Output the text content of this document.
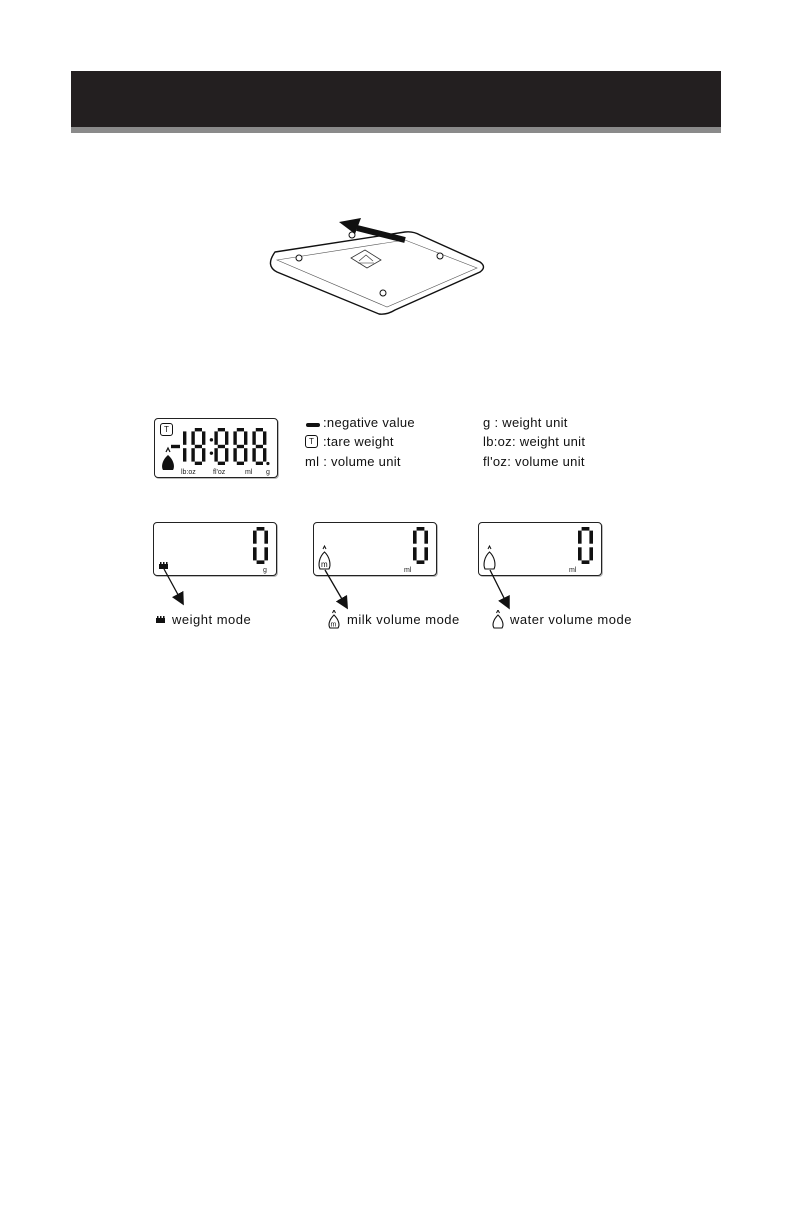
T
lb:oz fl'oz	ml g
:negative value
T :tare weight
ml : volume unit
g : weight unit
lb:oz: weight unit
fl'oz: volume unit
g
m
ml	ml
weight mode	m milk volume mode	water volume mode
